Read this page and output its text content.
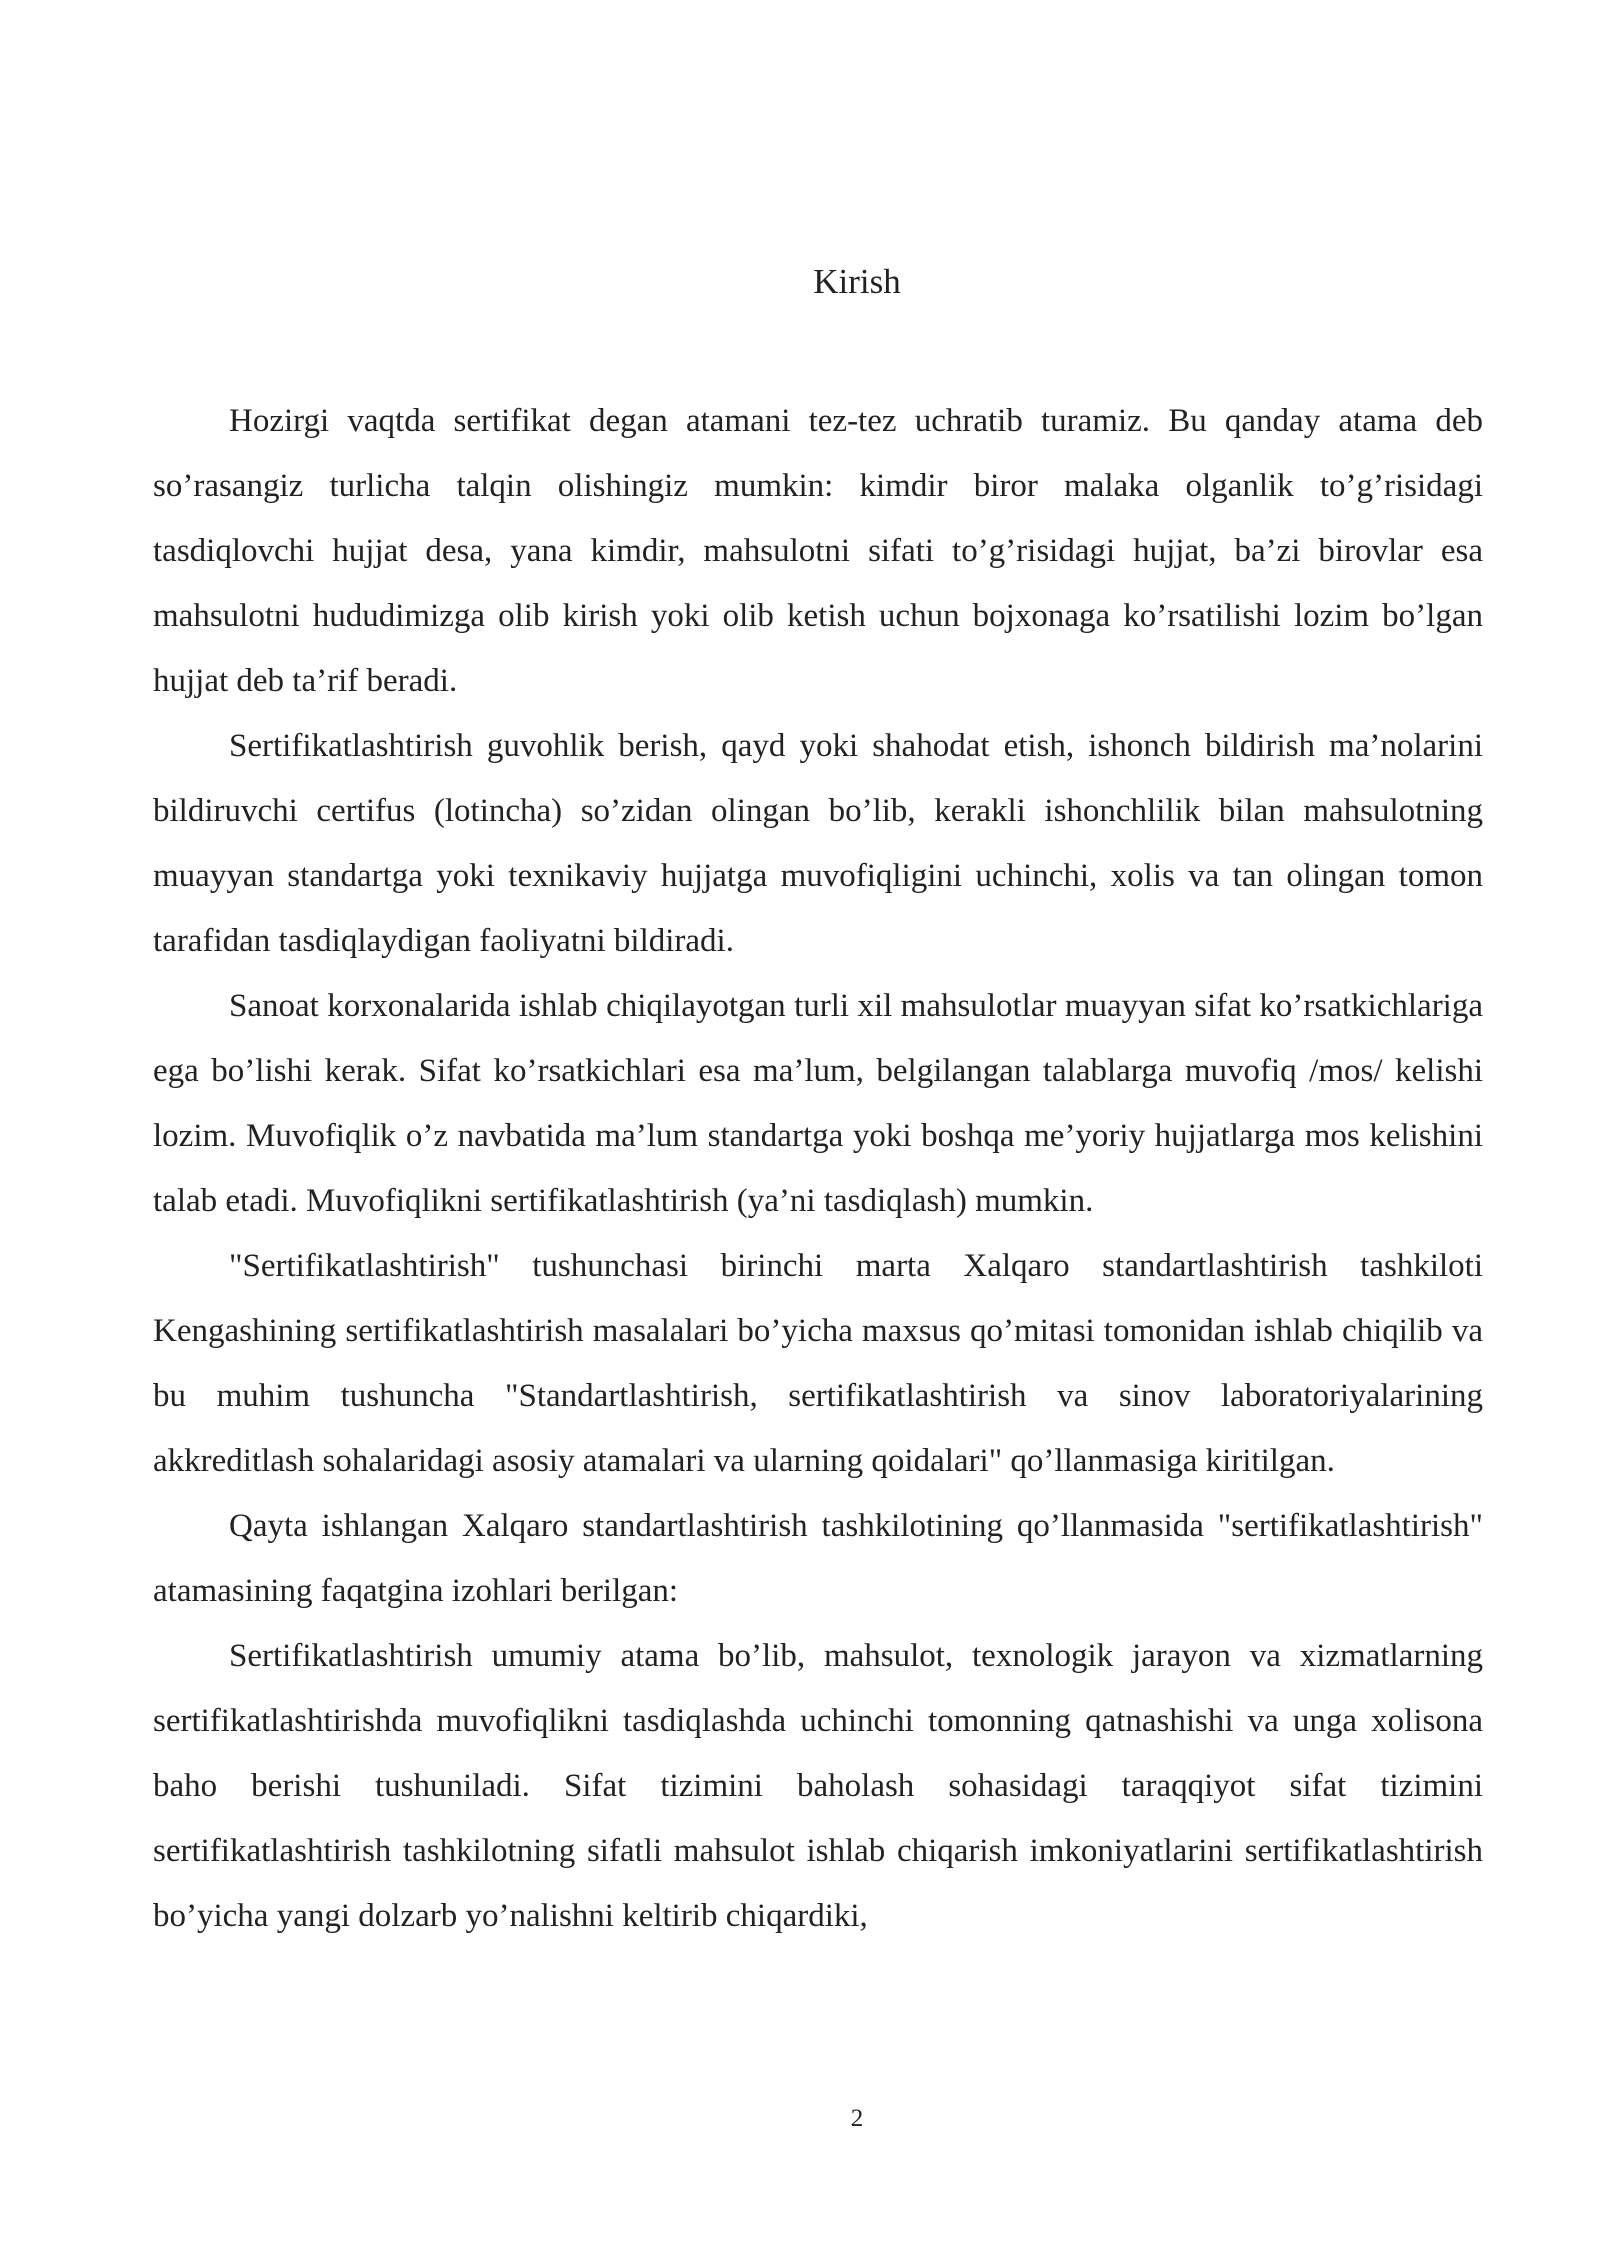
Kirish

Hozirgi vaqtda sertifikat degan atamani tez-tez uchratib turamiz. Bu qanday atama deb so’rasangiz turlicha talqin olishingiz mumkin: kimdir biror malaka olganlik to’g’risidagi tasdiqlovchi hujjat desa, yana kimdir, mahsulotni sifati to’g’risidagi hujjat, ba’zi birovlar esa mahsulotni hududimizga olib kirish yoki olib ketish uchun bojxonaga ko’rsatilishi lozim bo’lgan hujjat deb ta’rif beradi.

Sertifikatlashtirish guvohlik berish, qayd yoki shahodat etish, ishonch bildirish ma’nolarini bildiruvchi certifus (lotincha) so’zidan olingan bo’lib, kerakli ishonchlilik bilan mahsulotning muayyan standartga yoki texnikaviy hujjatga muvofiqligini uchinchi, xolis va tan olingan tomon tarafidan tasdiqlaydigan faoliyatni bildiradi.

Sanoat korxonalarida ishlab chiqilayotgan turli xil mahsulotlar muayyan sifat ko’rsatkichlariga ega bo’lishi kerak. Sifat ko’rsatkichlari esa ma’lum, belgilangan talablarga muvofiq /mos/ kelishi lozim. Muvofiqlik o’z navbatida ma’lum standartga yoki boshqa me’yoriy hujjatlarga mos kelishini talab etadi. Muvofiqlikni sertifikatlashtirish (ya’ni tasdiqlash) mumkin.

"Sertifikatlashtirish" tushunchasi birinchi marta Xalqaro standartlashtirish tashkiloti Kengashining sertifikatlashtirish masalalari bo’yicha maxsus qo’mitasi tomonidan ishlab chiqilib va bu muhim tushuncha "Standartlashtirish, sertifikatlashtirish va sinov laboratoriyalarining akkreditlash sohalaridagi asosiy atamalari va ularning qoidalari" qo’llanmasiga kiritilgan.

Qayta ishlangan Xalqaro standartlashtirish tashkilotining qo’llanmasida "sertifikatlashtirish" atamasining faqatgina izohlari berilgan:

Sertifikatlashtirish umumiy atama bo’lib, mahsulot, texnologik jarayon va xizmatlarning sertifikatlashtirishda muvofiqlikni tasdiqlashda uchinchi tomonning qatnashishi va unga xolisona baho berishi tushuniladi. Sifat tizimini baholash sohasidagi taraqqiyot sifat tizimini sertifikatlashtirish tashkilotning sifatli mahsulot ishlab chiqarish imkoniyatlarini sertifikatlashtirish bo’yicha yangi dolzarb yo’nalishni keltirib chiqardiki,

2
